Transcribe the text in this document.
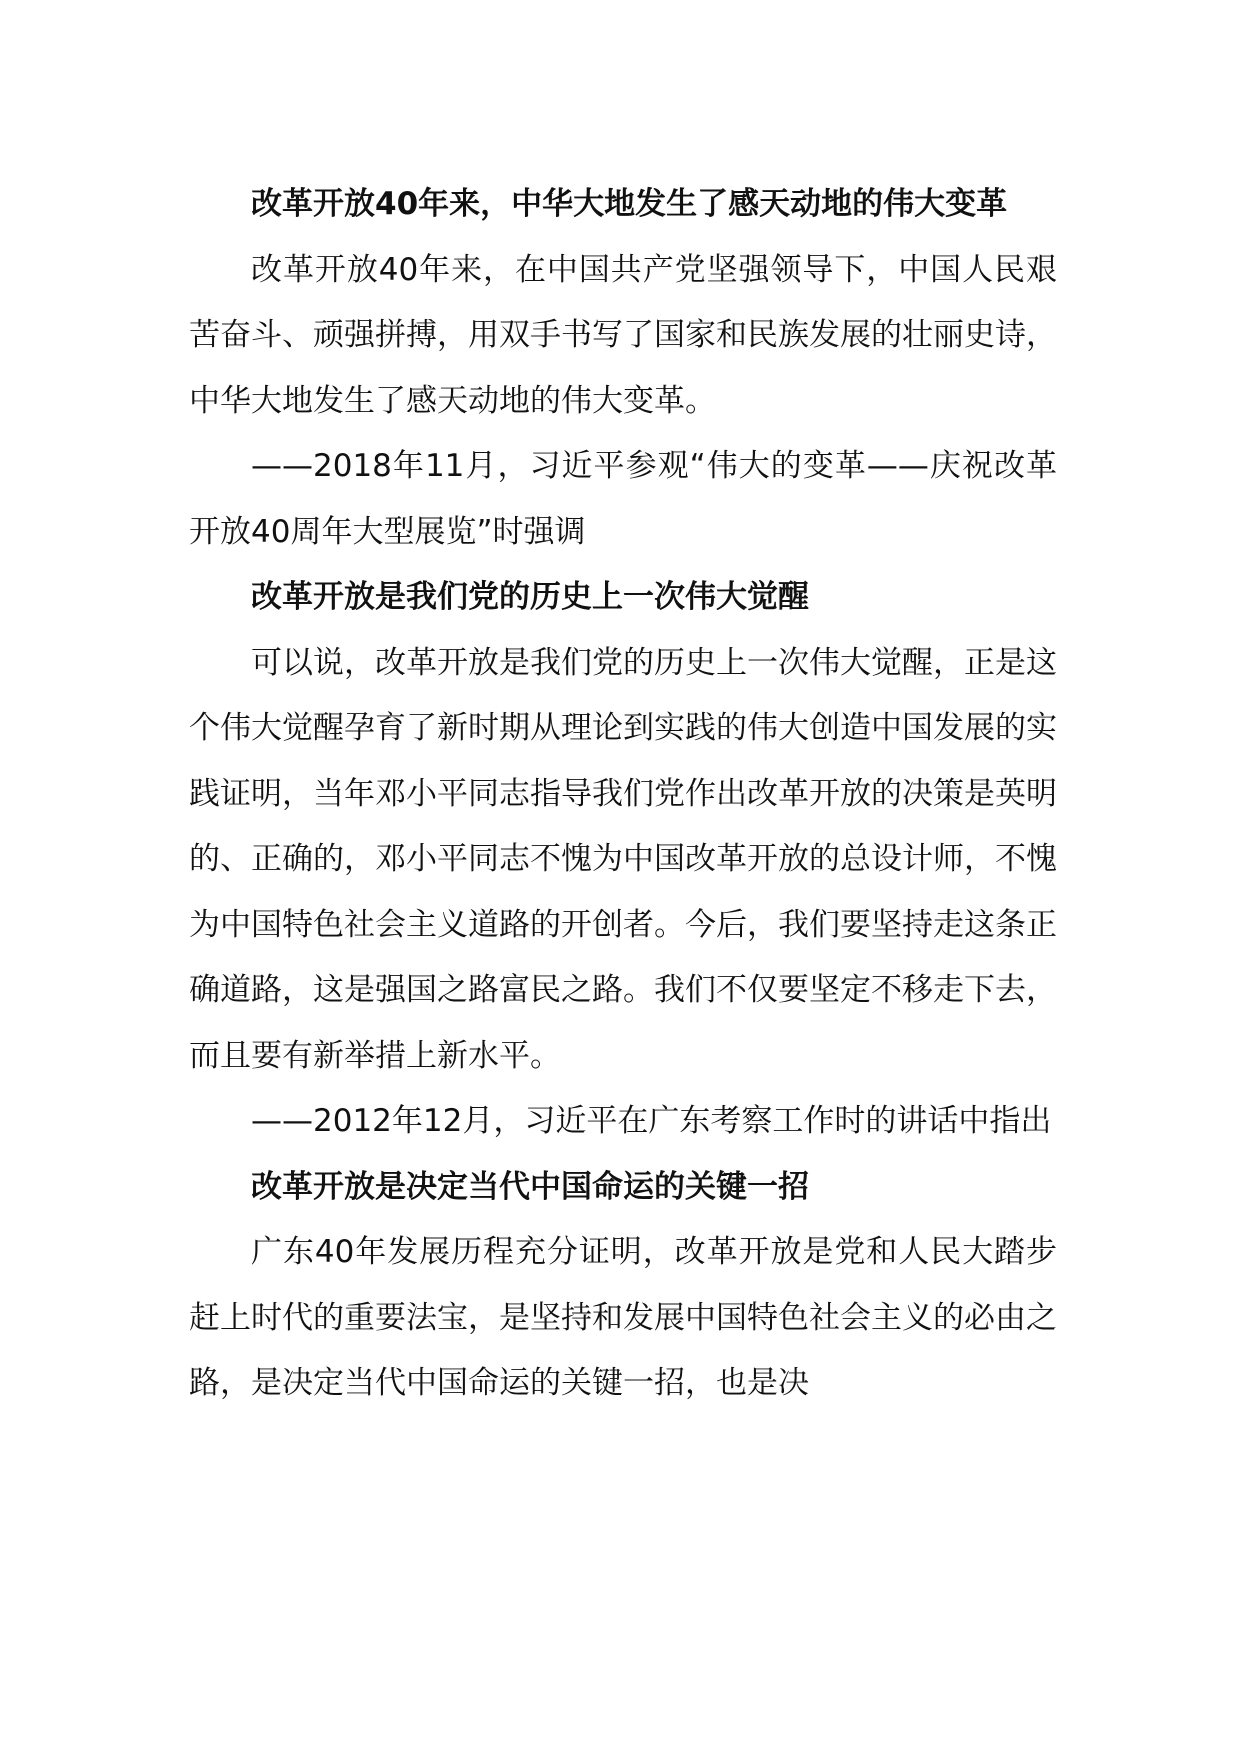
改革开放40年来，中华大地发生了感天动地的伟大变革

改革开放40年来，在中国共产党坚强领导下，中国人民艰苦奋斗、顽强拼搏，用双手书写了国家和民族发展的壮丽史诗，中华大地发生了感天动地的伟大变革。

——2018年11月，习近平参观“伟大的变革——庆祝改革开放40周年大型展览”时强调

改革开放是我们党的历史上一次伟大觉醒

可以说，改革开放是我们党的历史上一次伟大觉醒，正是这个伟大觉醒孕育了新时期从理论到实践的伟大创造中国发展的实践证明，当年邓小平同志指导我们党作出改革开放的决策是英明的、正确的，邓小平同志不愧为中国改革开放的总设计师，不愧为中国特色社会主义道路的开创者。今后，我们要坚持走这条正确道路，这是强国之路富民之路。我们不仅要坚定不移走下去，而且要有新举措上新水平。

——2012年12月，习近平在广东考察工作时的讲话中指出

改革开放是决定当代中国命运的关键一招

广东40年发展历程充分证明，改革开放是党和人民大踏步赶上时代的重要法宝，是坚持和发展中国特色社会主义的必由之路，是决定当代中国命运的关键一招，也是决
